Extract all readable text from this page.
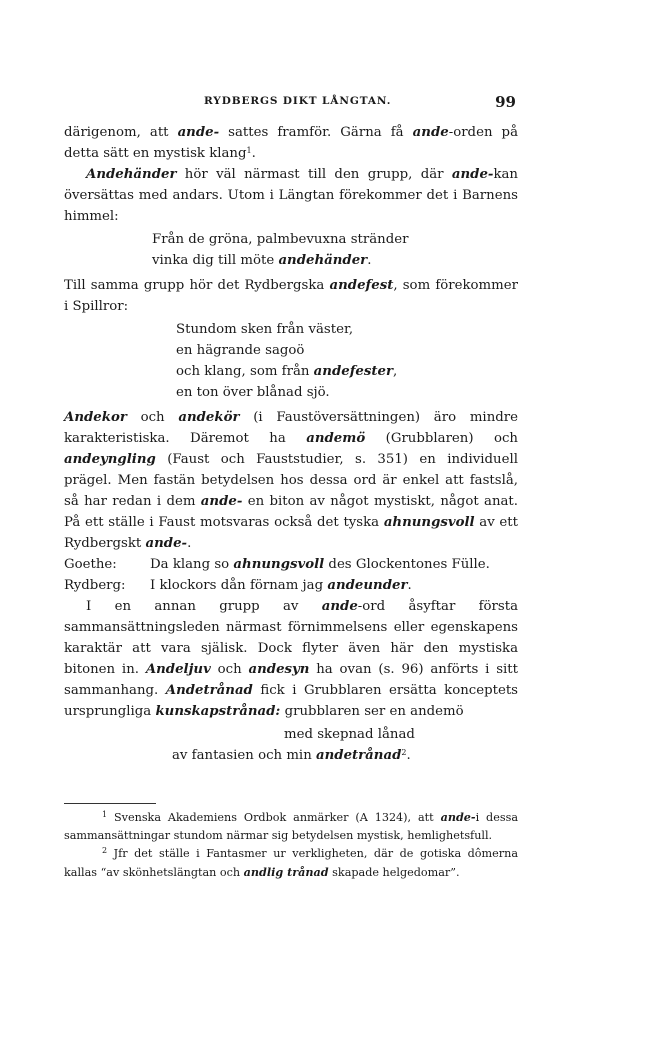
RYDBERGS DIKT LÅNGTAN.	99

därigenom, att ande- sattes framför. Gärna få ande-orden på detta sätt en mystisk klang$^1$.

Andehänder hör väl närmast till den grupp, där ande-kan översättas med andars. Utom i Längtan förekommer det i Barnens himmel:

Från de gröna, palmbevuxna stränder
vinka dig till möte andehänder.

Till samma grupp hör det Rydbergska andefest, som förekommer i Spillror:

Stundom sken från väster,
en hägrande sagoö
och klang, som från andefester,
en ton över blånad sjö.

Andekor och andekör (i Faustöversättningen) äro mindre karakteristiska. Däremot ha andemö (Grubblaren) och andeyngling (Faust och Fauststudier, s. 351) en individuell prägel. Men fastän betydelsen hos dessa ord är enkel att fastslå, så har redan i dem ande- en biton av något mystiskt, något anat. På ett ställe i Faust motsvaras också det tyska ahnungsvoll av ett Rydbergskt ande-.

Goethe:	Da klang so ahnungsvoll des Glockentones Fülle.
Rydberg:	I klockors dån förnam jag andeunder.

I en annan grupp av ande-ord åsyftar första sammansättningsleden närmast förnimmelsens eller egenskapens karaktär att vara själisk. Dock flyter även här den mystiska bitonen in. Andeljuv och andesyn ha ovan (s. 96) anförts i sitt sammanhang. Andetrånad fick i Grubblaren ersätta konceptets ursprungliga kunskapstrånad: grubblaren ser en andemö

med skepnad lånad
av fantasien och min andetrånad$^2$.

$^1$ Svenska Akademiens Ordbok anmärker (A 1324), att ande-i dessa sammansättningar stundom närmar sig betydelsen mystisk, hemlighetsfull.

$^2$ Jfr det ställe i Fantasmer ur verkligheten, där de gotiska dômerna kallas “av skönhetslängtan och andlig trånad skapade helgedomar”.
